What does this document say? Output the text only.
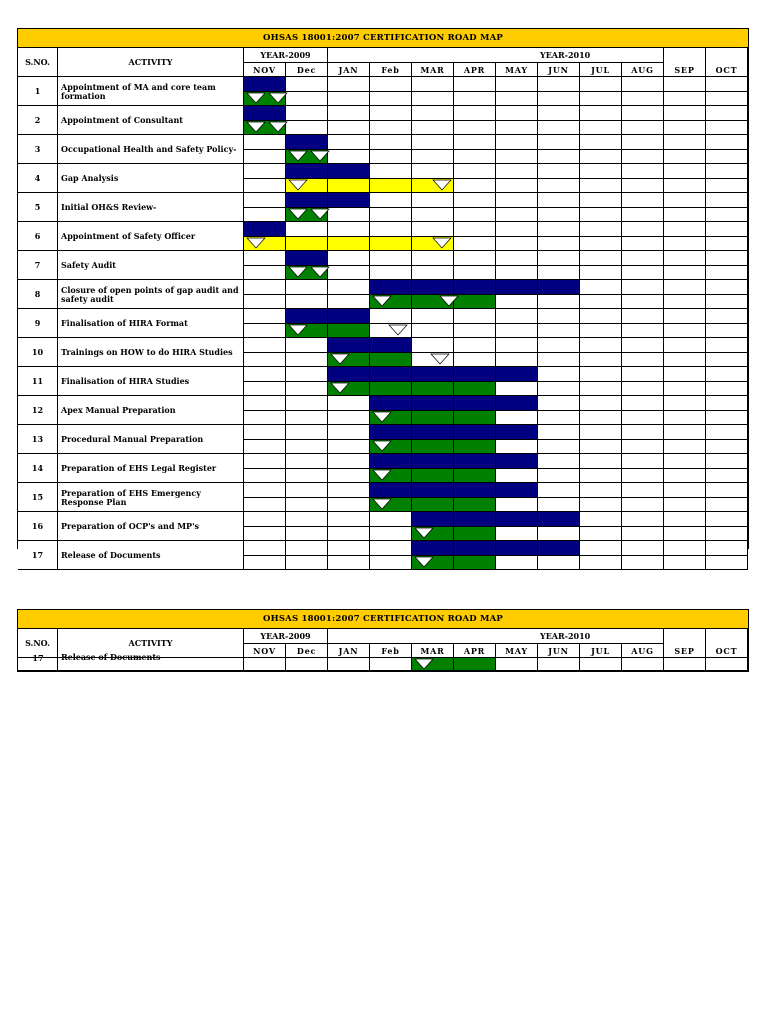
OHSAS 18001:2007 CERTIFICATION ROAD MAP
S.NO.	ACTIVITY
YEAR-2009	YEAR-2010
NOV	Dec	JAN	Feb	MAR	APR	MAY	JUN	JUL	AUG	SEP	OCT
1	Appointment of MA and core team formation
2	Appointment of Consultant
3	Occupational Health and Safety Policy-
4	Gap Analysis
5	Initial OH&S Review-
6	Appointment of Safety Officer
7	Safety Audit
8	Closure of open points of gap audit and safety audit
9	Finalisation of HIRA Format
10	Trainings on HOW to do HIRA Studies
11	Finalisation of HIRA Studies
12	Apex Manual Preparation
13	Procedural Manual Preparation
14	Preparation of EHS Legal Register
15	Preparation of EHS Emergency Response Plan
16	Preparation of OCP's and MP's
17	Release of Documents
OHSAS 18001:2007 CERTIFICATION ROAD MAP
S.NO.	ACTIVITY
YEAR-2009	YEAR-2010
NOV	Dec	JAN	Feb	MAR	APR	MAY	JUN	JUL	AUG	SEP	OCT
17	Release of Documents
